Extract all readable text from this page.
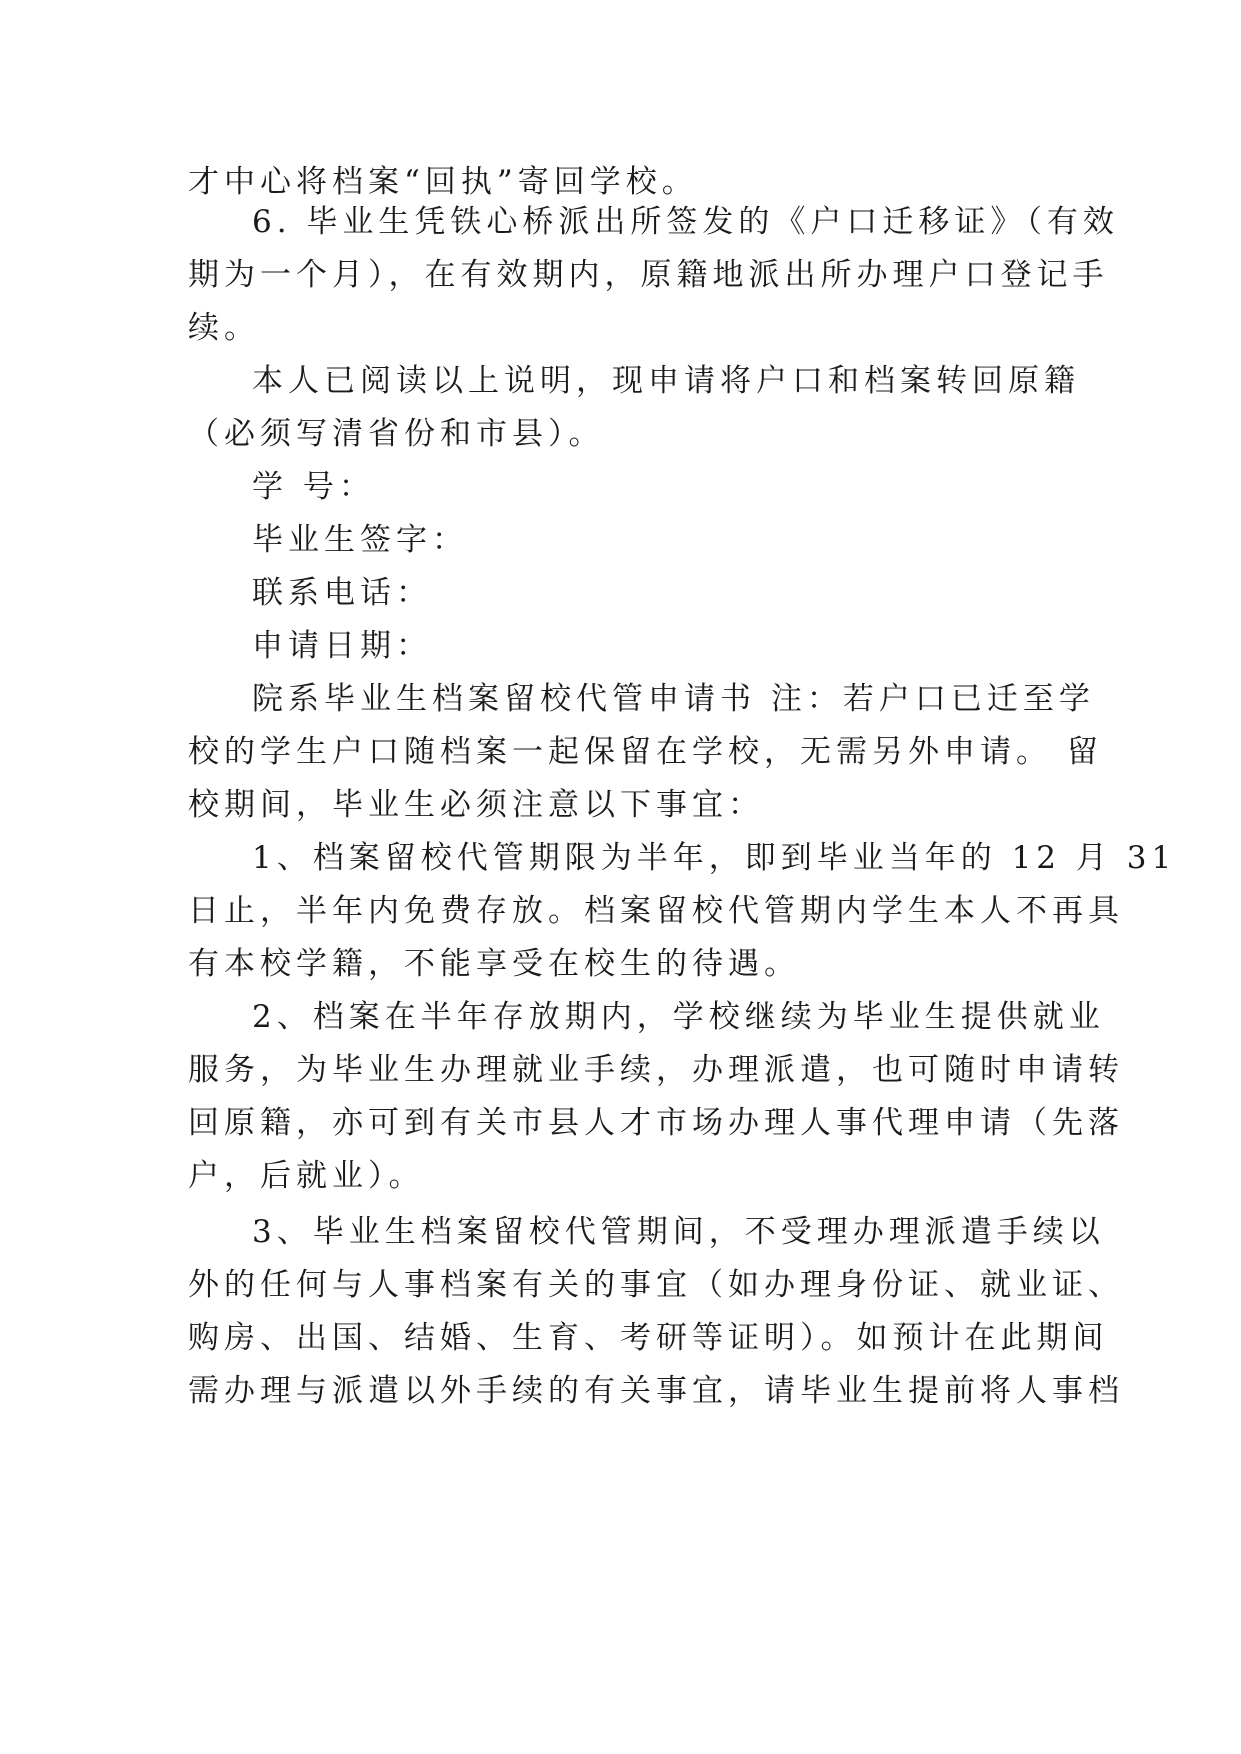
才中心将档案“回执”寄回学校。
6. 毕业生凭铁心桥派出所签发的《户口迁移证》（有效
期为一个月），在有效期内，原籍地派出所办理户口登记手
续。
本人已阅读以上说明，现申请将户口和档案转回原籍
（必须写清省份和市县）。
学 号：
毕业生签字：
联系电话：
申请日期：
院系毕业生档案留校代管申请书 注：若户口已迁至学
校的学生户口随档案一起保留在学校，无需另外申请。 留
校期间，毕业生必须注意以下事宜：
1、档案留校代管期限为半年，即到毕业当年的 12 月 31
日止，半年内免费存放。档案留校代管期内学生本人不再具
有本校学籍，不能享受在校生的待遇。
2、档案在半年存放期内，学校继续为毕业生提供就业
服务，为毕业生办理就业手续，办理派遣，也可随时申请转
回原籍，亦可到有关市县人才市场办理人事代理申请（先落
户，后就业）。
3、毕业生档案留校代管期间，不受理办理派遣手续以
外的任何与人事档案有关的事宜（如办理身份证、就业证、
购房、出国、结婚、生育、考研等证明）。如预计在此期间
需办理与派遣以外手续的有关事宜，请毕业生提前将人事档
